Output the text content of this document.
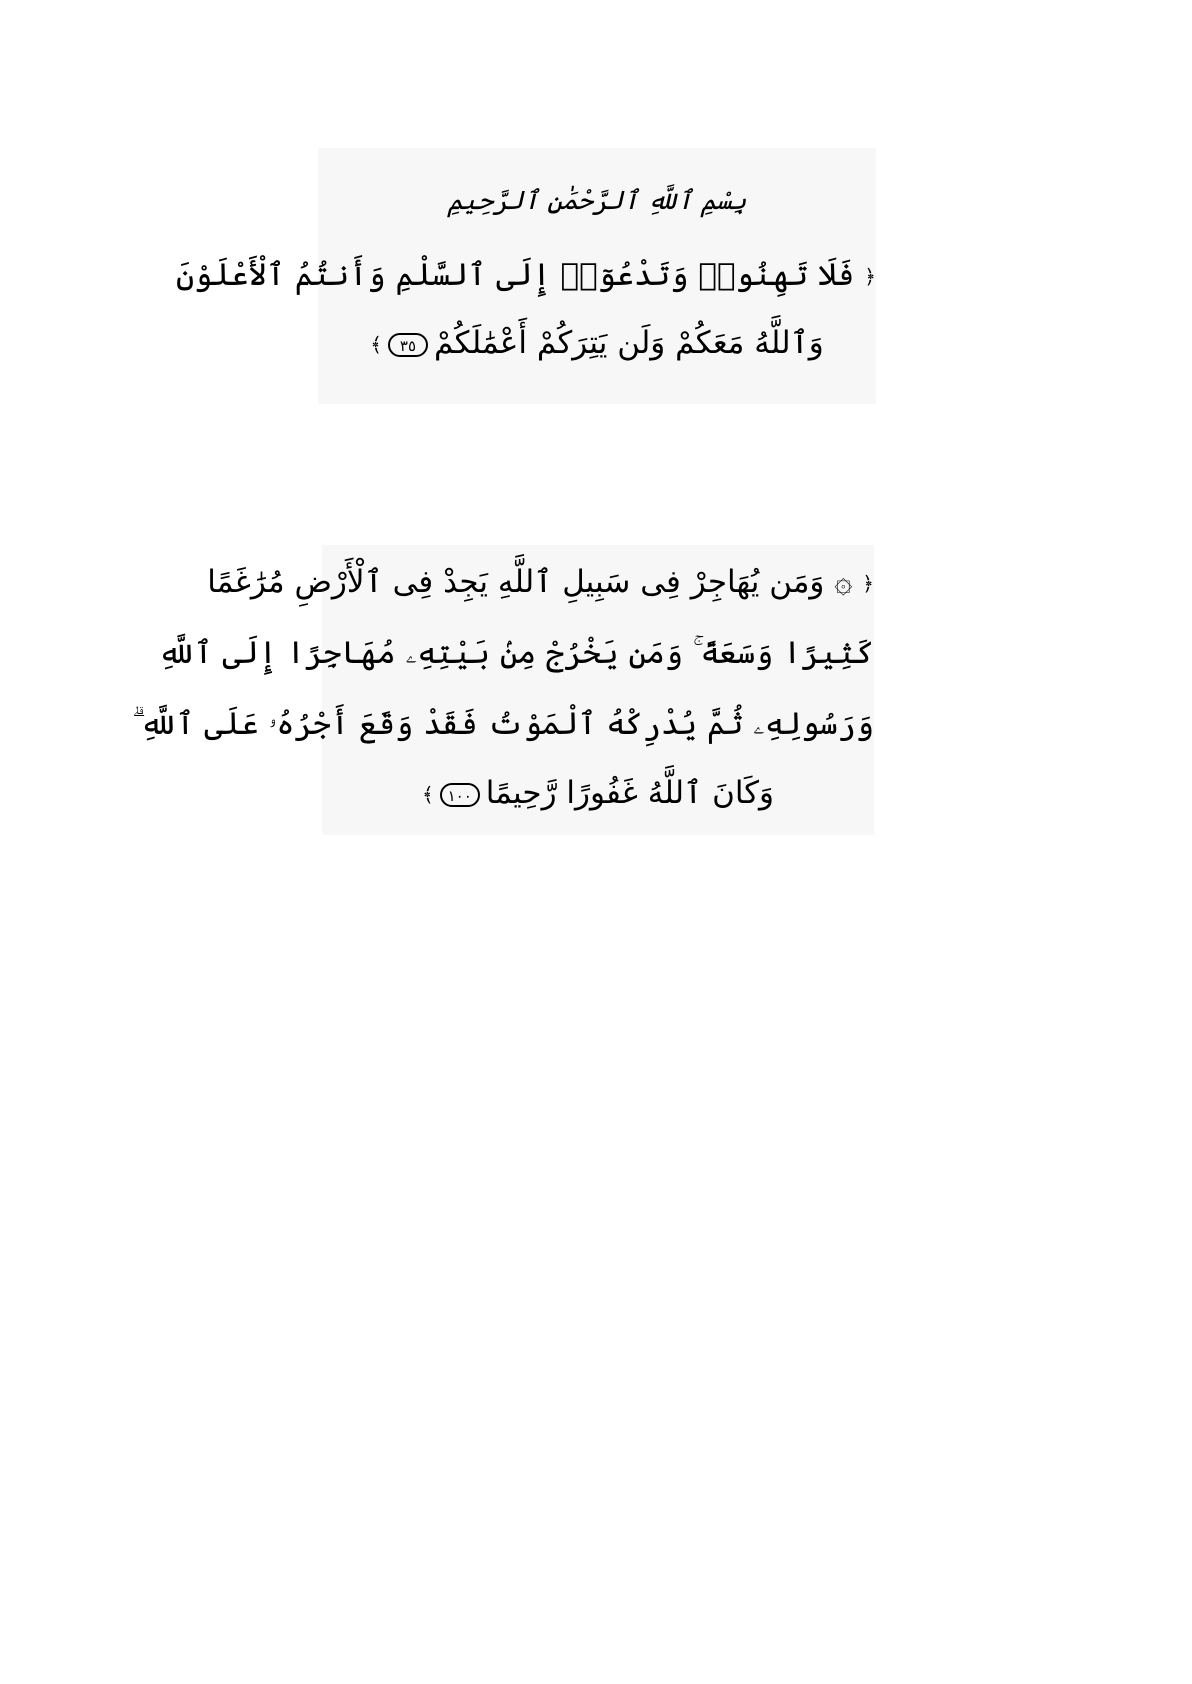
بِسْمِ ٱللَّهِ ٱلرَّحْمَٰنِ ٱلرَّحِيمِ
﴿ فَلَا تَهِنُوا۟ وَتَدْعُوٓا۟ إِلَى ٱلسَّلْمِ وَأَنتُمُ ٱلْأَعْلَوْنَ
وَٱللَّهُ مَعَكُمْ وَلَن يَتِرَكُمْ أَعْمَٰلَكُمْ٣٥﴾
﴿ ۞ وَمَن يُهَاجِرْ فِى سَبِيلِ ٱللَّهِ يَجِدْ فِى ٱلْأَرْضِ مُرَٰغَمًا
كَثِيرًا وَسَعَةً ۚ وَمَن يَخْرُجْ مِنۢ بَيْتِهِۦ مُهَاجِرًا إِلَى ٱللَّهِ
وَرَسُولِهِۦ ثُمَّ يُدْرِكْهُ ٱلْمَوْتُ فَقَدْ وَقَعَ أَجْرُهُۥ عَلَى ٱللَّهِ ۗ
وَكَانَ ٱللَّهُ غَفُورًا رَّحِيمًا١٠٠﴾
